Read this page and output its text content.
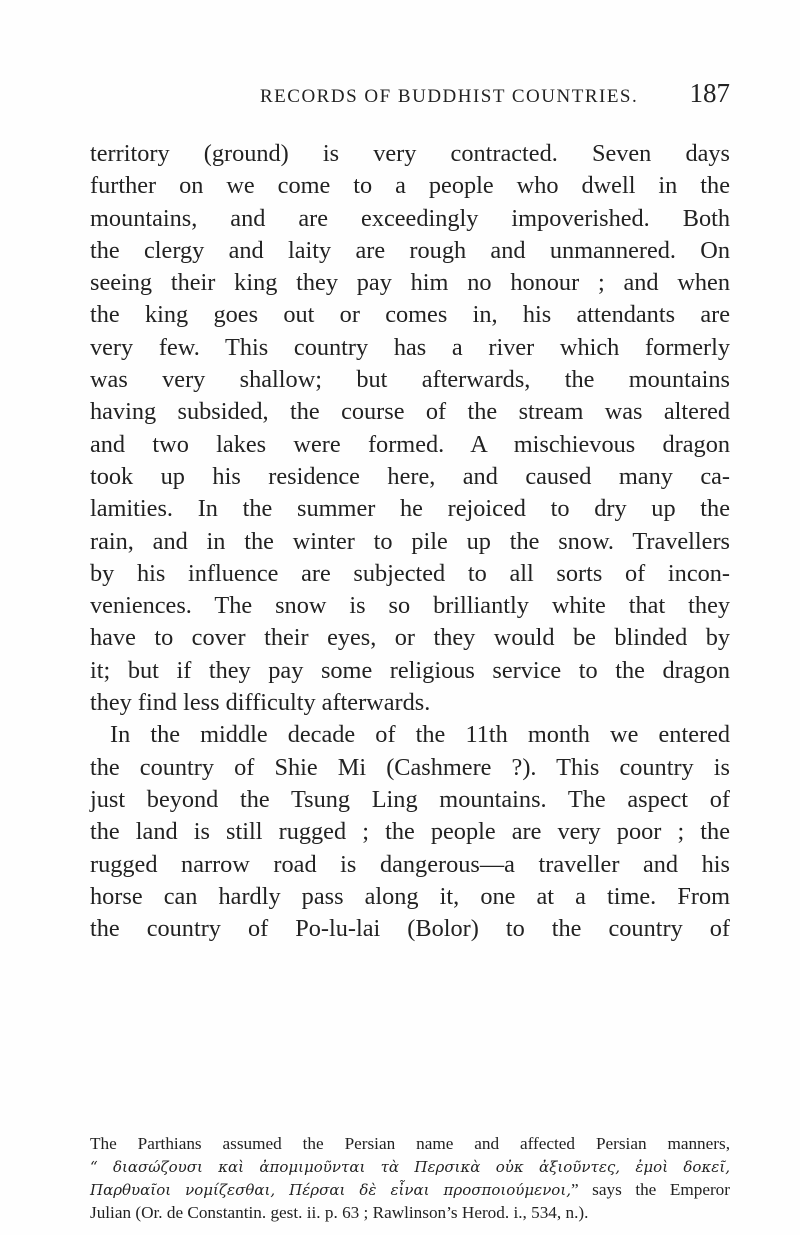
RECORDS OF BUDDHIST COUNTRIES. 187
territory (ground) is very contracted. Seven days
further on we come to a people who dwell in the
mountains, and are exceedingly impoverished. Both
the clergy and laity are rough and unmannered. On
seeing their king they pay him no honour ; and when
the king goes out or comes in, his attendants are
very few. This country has a river which formerly
was very shallow; but afterwards, the mountains
having subsided, the course of the stream was altered
and two lakes were formed. A mischievous dragon
took up his residence here, and caused many ca-
lamities. In the summer he rejoiced to dry up the
rain, and in the winter to pile up the snow. Travellers
by his influence are subjected to all sorts of incon-
veniences. The snow is so brilliantly white that they
have to cover their eyes, or they would be blinded by
it; but if they pay some religious service to the dragon
they find less difficulty afterwards.
In the middle decade of the 11th month we entered
the country of Shie Mi (Cashmere ?). This country is
just beyond the Tsung Ling mountains. The aspect of
the land is still rugged ; the people are very poor ; the
rugged narrow road is dangerous—a traveller and his
horse can hardly pass along it, one at a time. From
the country of Po-lu-lai (Bolor) to the country of
The Parthians assumed the Persian name and affected Persian manners,
“ διασώζουσι καὶ ἀπομιμοῦνται τὰ Περσικὰ οὐκ ἀξιοῦντες, ἐμοὶ δοκεῖ,
Παρθυαῖοι νομίζεσθαι, Πέρσαι δὲ εἶναι προσποιούμενοι,” says the Emperor
Julian (Or. de Constantin. gest. ii. p. 63 ; Rawlinson’s Herod. i., 534, n.).
